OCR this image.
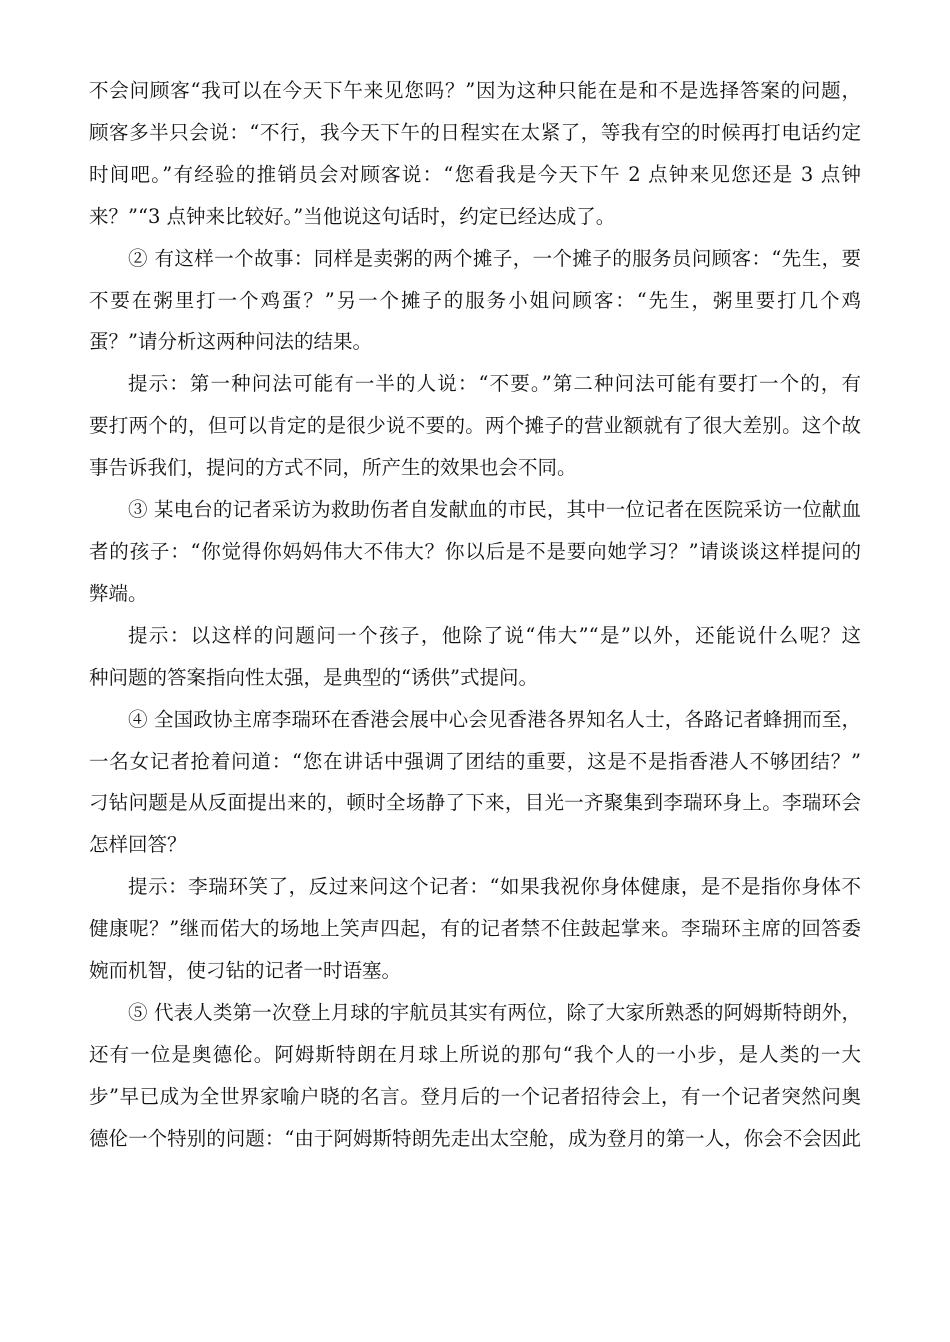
不会问顾客“我可以在今天下午来见您吗？”因为这种只能在是和不是选择答案的问题，
顾客多半只会说：“不行，我今天下午的日程实在太紧了，等我有空的时候再打电话约定
时间吧。”有经验的推销员会对顾客说：“您看我是今天下午 2 点钟来见您还是 3 点钟
来？”“3 点钟来比较好。”当他说这句话时，约定已经达成了。

② 有这样一个故事：同样是卖粥的两个摊子，一个摊子的服务员问顾客：“先生，要
不要在粥里打一个鸡蛋？”另一个摊子的服务小姐问顾客：“先生，粥里要打几个鸡
蛋？”请分析这两种问法的结果。

提示：第一种问法可能有一半的人说：“不要。”第二种问法可能有要打一个的，有
要打两个的，但可以肯定的是很少说不要的。两个摊子的营业额就有了很大差别。这个故
事告诉我们，提问的方式不同，所产生的效果也会不同。

③ 某电台的记者采访为救助伤者自发献血的市民，其中一位记者在医院采访一位献血
者的孩子：“你觉得你妈妈伟大不伟大？你以后是不是要向她学习？”请谈谈这样提问的
弊端。

提示：以这样的问题问一个孩子，他除了说“伟大”“是”以外，还能说什么呢？这
种问题的答案指向性太强，是典型的“诱供”式提问。

④ 全国政协主席李瑞环在香港会展中心会见香港各界知名人士，各路记者蜂拥而至，
一名女记者抢着问道：“您在讲话中强调了团结的重要，这是不是指香港人不够团结？”
刁钻问题是从反面提出来的，顿时全场静了下来，目光一齐聚集到李瑞环身上。李瑞环会
怎样回答？

提示：李瑞环笑了，反过来问这个记者：“如果我祝你身体健康，是不是指你身体不
健康呢？”继而偌大的场地上笑声四起，有的记者禁不住鼓起掌来。李瑞环主席的回答委
婉而机智，使刁钻的记者一时语塞。

⑤ 代表人类第一次登上月球的宇航员其实有两位，除了大家所熟悉的阿姆斯特朗外，
还有一位是奥德伦。阿姆斯特朗在月球上所说的那句“我个人的一小步，是人类的一大
步”早已成为全世界家喻户晓的名言。登月后的一个记者招待会上，有一个记者突然问奥
德伦一个特别的问题：“由于阿姆斯特朗先走出太空舱，成为登月的第一人，你会不会因此
